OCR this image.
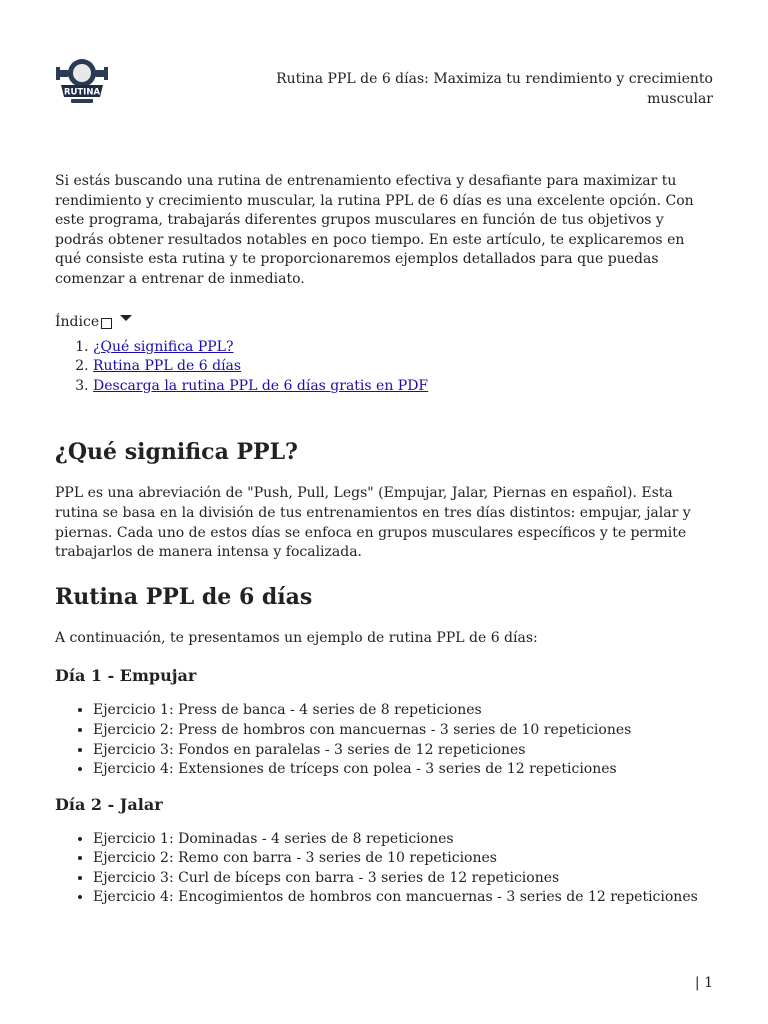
RUTINA
Rutina PPL de 6 días: Maximiza tu rendimiento y crecimiento muscular

Si estás buscando una rutina de entrenamiento efectiva y desafiante para maximizar tu rendimiento y crecimiento muscular, la rutina PPL de 6 días es una excelente opción. Con este programa, trabajarás diferentes grupos musculares en función de tus objetivos y podrás obtener resultados notables en poco tiempo. En este artículo, te explicaremos en qué consiste esta rutina y te proporcionaremos ejemplos detallados para que puedas comenzar a entrenar de inmediato.

Índice
1. ¿Qué significa PPL?
2. Rutina PPL de 6 días
3. Descarga la rutina PPL de 6 días gratis en PDF
¿Qué significa PPL?

PPL es una abreviación de "Push, Pull, Legs" (Empujar, Jalar, Piernas en español). Esta rutina se basa en la división de tus entrenamientos en tres días distintos: empujar, jalar y piernas. Cada uno de estos días se enfoca en grupos musculares específicos y te permite trabajarlos de manera intensa y focalizada.

Rutina PPL de 6 días

A continuación, te presentamos un ejemplo de rutina PPL de 6 días:

Día 1 - Empujar
• Ejercicio 1: Press de banca - 4 series de 8 repeticiones
• Ejercicio 2: Press de hombros con mancuernas - 3 series de 10 repeticiones
• Ejercicio 3: Fondos en paralelas - 3 series de 12 repeticiones
• Ejercicio 4: Extensiones de tríceps con polea - 3 series de 12 repeticiones
Día 2 - Jalar
• Ejercicio 1: Dominadas - 4 series de 8 repeticiones
• Ejercicio 2: Remo con barra - 3 series de 10 repeticiones
• Ejercicio 3: Curl de bíceps con barra - 3 series de 12 repeticiones
• Ejercicio 4: Encogimientos de hombros con mancuernas - 3 series de 12 repeticiones
| 1
